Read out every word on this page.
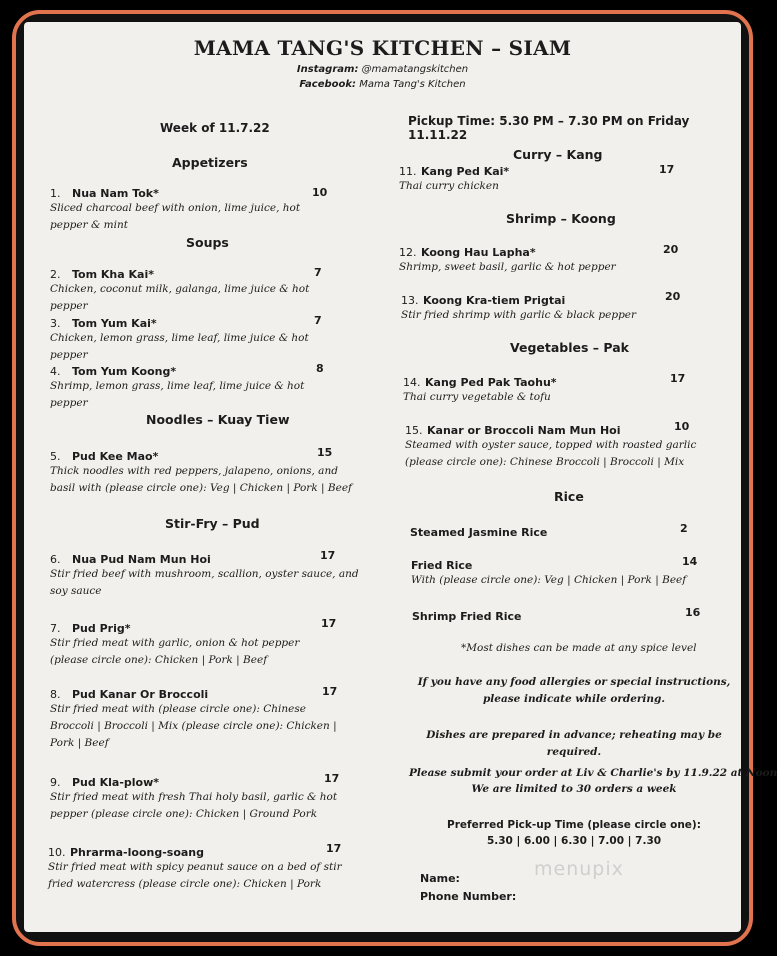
MAMA TANG'S KITCHEN – SIAM
Instagram: @mamatangskitchen
Facebook: Mama Tang's Kitchen
Week of 11.7.22	Pickup Time: 5.30 PM – 7.30 PM on Friday 11.11.22
Appetizers
1. Nua Nam Tok*
Sliced charcoal beef with onion, lime juice, hot pepper & mint
10
Soups
2. Tom Kha Kai*
Chicken, coconut milk, galanga, lime juice & hot pepper
7
3. Tom Yum Kai*
Chicken, lemon grass, lime leaf, lime juice & hot pepper
7
4. Tom Yum Koong*
Shrimp, lemon grass, lime leaf, lime juice & hot pepper
8
Noodles – Kuay Tiew
5. Pud Kee Mao*
Thick noodles with red peppers, jalapeno, onions, and basil with (please circle one): Veg | Chicken | Pork | Beef
15
Stir-Fry – Pud
6. Nua Pud Nam Mun Hoi
Stir fried beef with mushroom, scallion, oyster sauce, and soy sauce
17
7. Pud Prig*
Stir fried meat with garlic, onion & hot pepper (please circle one): Chicken | Pork | Beef
17
8. Pud Kanar Or Broccoli
Stir fried meat with (please circle one): Chinese Broccoli | Broccoli | Mix (please circle one): Chicken | Pork | Beef
17
9. Pud Kla-plow*
Stir fried meat with fresh Thai holy basil, garlic & hot pepper (please circle one): Chicken | Ground Pork
17
10. Phrarma-loong-soang
Stir fried meat with spicy peanut sauce on a bed of stir fried watercress (please circle one): Chicken | Pork
17
Curry – Kang
11. Kang Ped Kai*
Thai curry chicken
17
Shrimp – Koong
12. Koong Hau Lapha*
Shrimp, sweet basil, garlic & hot pepper
20
13. Koong Kra-tiem Prigtai
Stir fried shrimp with garlic & black pepper
20
Vegetables – Pak
14. Kang Ped Pak Taohu*
Thai curry vegetable & tofu
17
15. Kanar or Broccoli Nam Mun Hoi
Steamed with oyster sauce, topped with roasted garlic (please circle one): Chinese Broccoli | Broccoli | Mix
10
Rice
Steamed Jasmine Rice	2
Fried Rice
With (please circle one): Veg | Chicken | Pork | Beef
14
Shrimp Fried Rice	16
*Most dishes can be made at any spice level
If you have any food allergies or special instructions, please indicate while ordering.
Dishes are prepared in advance; reheating may be required.
Please submit your order at Liv & Charlie's by 11.9.22 at Noon
We are limited to 30 orders a week
Preferred Pick-up Time (please circle one):
5.30 | 6.00 | 6.30 | 7.00 | 7.30
Name:
Phone Number:
menupix
